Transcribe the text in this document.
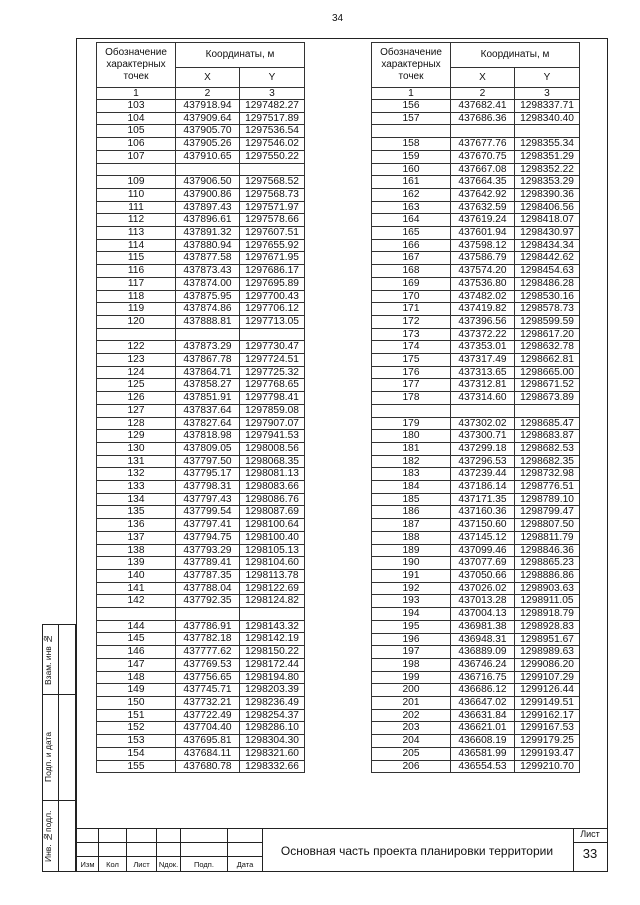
34
Обозначение характерных точек	Координаты, м	
	X	Y
1	2	3
103	437918.94	1297482.27
104	437909.64	1297517.89
105	437905.70	1297536.54
106	437905.26	1297546.02
107	437910.65	1297550.22

109	437906.50	1297568.52
110	437900.86	1297568.73
111	437897.43	1297571.97
112	437896.61	1297578.66
113	437891.32	1297607.51
114	437880.94	1297655.92
115	437877.58	1297671.95
116	437873.43	1297686.17
117	437874.00	1297695.89
118	437875.95	1297700.43
119	437874.86	1297706.12
120	437888.81	1297713.05

122	437873.29	1297730.47
123	437867.78	1297724.51
124	437864.71	1297725.32
125	437858.27	1297768.65
126	437851.91	1297798.41
127	437837.64	1297859.08
128	437827.64	1297907.07
129	437818.98	1297941.53
130	437809.05	1298008.56
131	437797.50	1298068.35
132	437795.17	1298081.13
133	437798.31	1298083.66
134	437797.43	1298086.76
135	437799.54	1298087.69
136	437797.41	1298100.64
137	437794.75	1298100.40
138	437793.29	1298105.13
139	437789.41	1298104.60
140	437787.35	1298113.78
141	437788.04	1298122.69
142	437792.35	1298124.82

144	437786.91	1298143.32
145	437782.18	1298142.19
146	437777.62	1298150.22
147	437769.53	1298172.44
148	437756.65	1298194.80
149	437745.71	1298203.39
150	437732.21	1298236.49
151	437722.49	1298254.37
152	437704.40	1298286.10
153	437695.81	1298304.30
154	437684.11	1298321.60
155	437680.78	1298332.66
Обозначение характерных точек	Координаты, м	
	X	Y
1	2	3
156	437682.41	1298337.71
157	437686.36	1298340.40

158	437677.76	1298355.34
159	437670.75	1298351.29
160	437667.08	1298352.22
161	437664.35	1298353.29
162	437642.92	1298390.36
163	437632.59	1298406.56
164	437619.24	1298418.07
165	437601.94	1298430.97
166	437598.12	1298434.34
167	437586.79	1298442.62
168	437574.20	1298454.63
169	437536.80	1298486.28
170	437482.02	1298530.16
171	437419.82	1298578.73
172	437396.56	1298599.59
173	437372.22	1298617.20
174	437353.01	1298632.78
175	437317.49	1298662.81
176	437313.65	1298665.00
177	437312.81	1298671.52
178	437314.60	1298673.89

179	437302.02	1298685.47
180	437300.71	1298683.87
181	437299.18	1298682.53
182	437296.53	1298682.35
183	437239.44	1298732.98
184	437186.14	1298776.51
185	437171.35	1298789.10
186	437160.36	1298799.47
187	437150.60	1298807.50
188	437145.12	1298811.79
189	437099.46	1298846.36
190	437077.69	1298865.23
191	437050.66	1298886.86
192	437026.02	1298903.63
193	437013.28	1298911.05
194	437004.13	1298918.79
195	436981.38	1298928.83
196	436948.31	1298951.67
197	436889.09	1298989.63
198	436746.24	1299086.20
199	436716.75	1299107.29
200	436686.12	1299126.44
201	436647.02	1299149.51
202	436631.84	1299162.17
203	436621.01	1299167.53
204	436608.19	1299179.25
205	436581.99	1299193.47
206	436554.53	1299210.70
Взам. инв №
Подп. и дата
Инв. №подл.
Изм	Кол	Лист	Nдок.	Подп.	Дата
Основная часть проекта планировки территории
Лист
33
